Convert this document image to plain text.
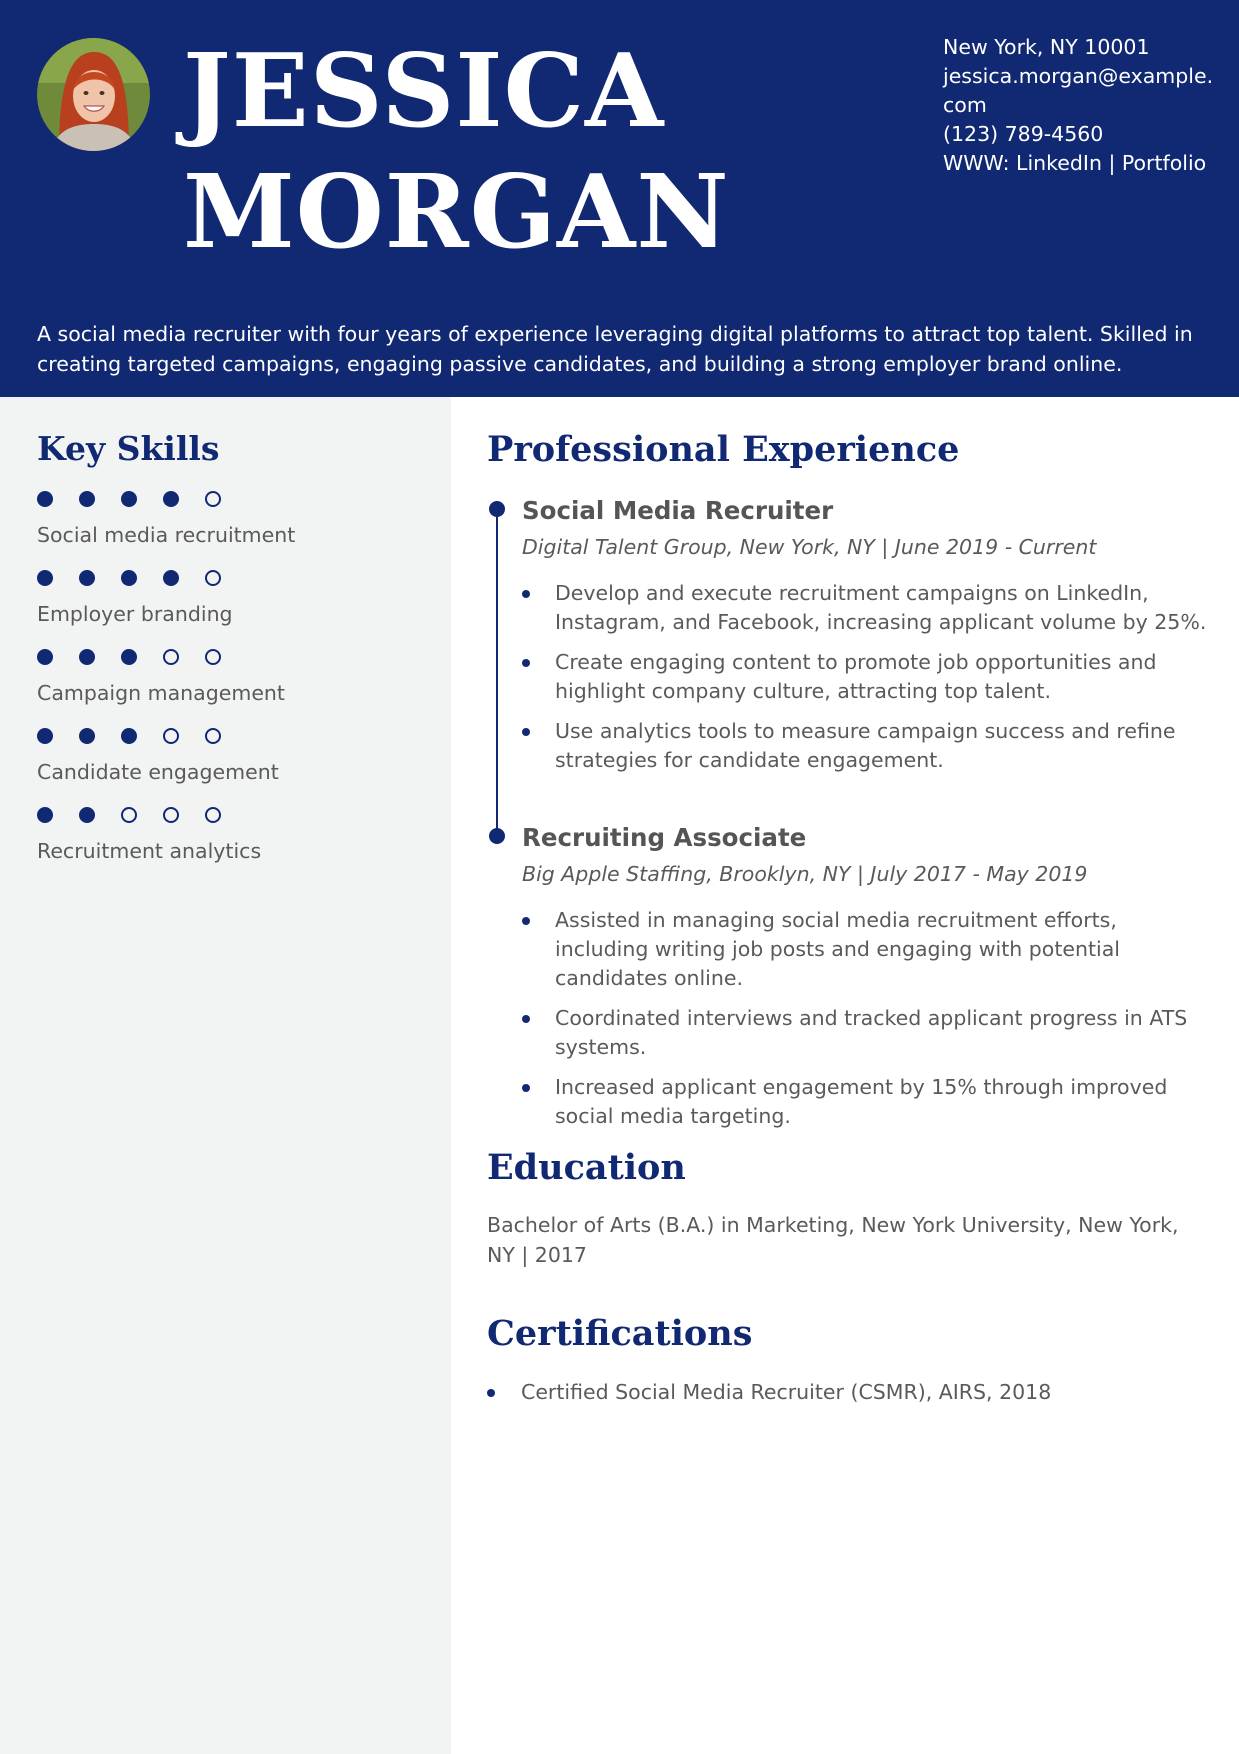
JESSICA
MORGAN
New York, NY 10001
jessica.morgan@example.
com
(123) 789-4560
WWW: LinkedIn | Portfolio
A social media recruiter with four years of experience leveraging digital platforms to attract top talent. Skilled in creating targeted campaigns, engaging passive candidates, and building a strong employer brand online.
Key Skills
Social media recruitment
Employer branding
Campaign management
Candidate engagement
Recruitment analytics
Professional Experience
Social Media Recruiter
Digital Talent Group, New York, NY | June 2019 - Current
Develop and execute recruitment campaigns on LinkedIn, Instagram, and Facebook, increasing applicant volume by 25%.
Create engaging content to promote job opportunities and highlight company culture, attracting top talent.
Use analytics tools to measure campaign success and refine strategies for candidate engagement.
Recruiting Associate
Big Apple Staffing, Brooklyn, NY | July 2017 - May 2019
Assisted in managing social media recruitment efforts, including writing job posts and engaging with potential candidates online.
Coordinated interviews and tracked applicant progress in ATS systems.
Increased applicant engagement by 15% through improved social media targeting.
Education
Bachelor of Arts (B.A.) in Marketing, New York University, New York, NY | 2017
Certifications
Certified Social Media Recruiter (CSMR), AIRS, 2018
